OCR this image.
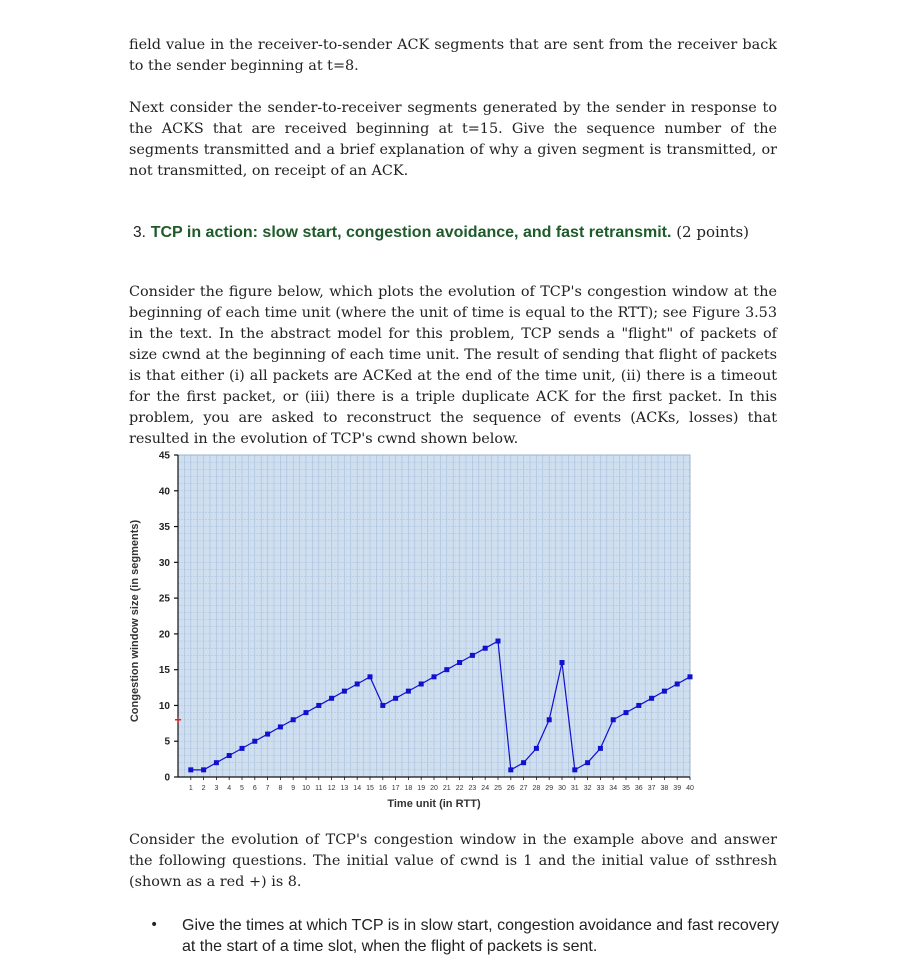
field value in the receiver-to-sender ACK segments that are sent from the receiver back to the sender beginning at t=8.

Next consider the sender-to-receiver segments generated by the sender in response to the ACKS that are received beginning at t=15. Give the sequence number of the segments transmitted and a brief explanation of why a given segment is transmitted, or not transmitted, on receipt of an ACK.

3. TCP in action: slow start, congestion avoidance, and fast retransmit. (2 points)

Consider the figure below, which plots the evolution of TCP's congestion window at the beginning of each time unit (where the unit of time is equal to the RTT); see Figure 3.53 in the text. In the abstract model for this problem, TCP sends a "flight" of packets of size cwnd at the beginning of each time unit. The result of sending that flight of packets is that either (i) all packets are ACKed at the end of the time unit, (ii) there is a timeout for the first packet, or (iii) there is a triple duplicate ACK for the first packet. In this problem, you are asked to reconstruct the sequence of events (ACKs, losses) that resulted in the evolution of TCP's cwnd shown below.

0
5
10
15
20
25
30
35
40
45
1 2 3 4 5 6 7 8 9 10 11 12 13 14 15 16 17 18 19 20 21 22 23 24 25 26 27 28 29 30 31 32 33 34 35 36 37 38 39 40
Time unit (in RTT)
Congestion window size (in segments)

Consider the evolution of TCP's congestion window in the example above and answer the following questions. The initial value of cwnd is 1 and the initial value of ssthresh (shown as a red +) is 8.

• Give the times at which TCP is in slow start, congestion avoidance and fast recovery at the start of a time slot, when the flight of packets is sent.
